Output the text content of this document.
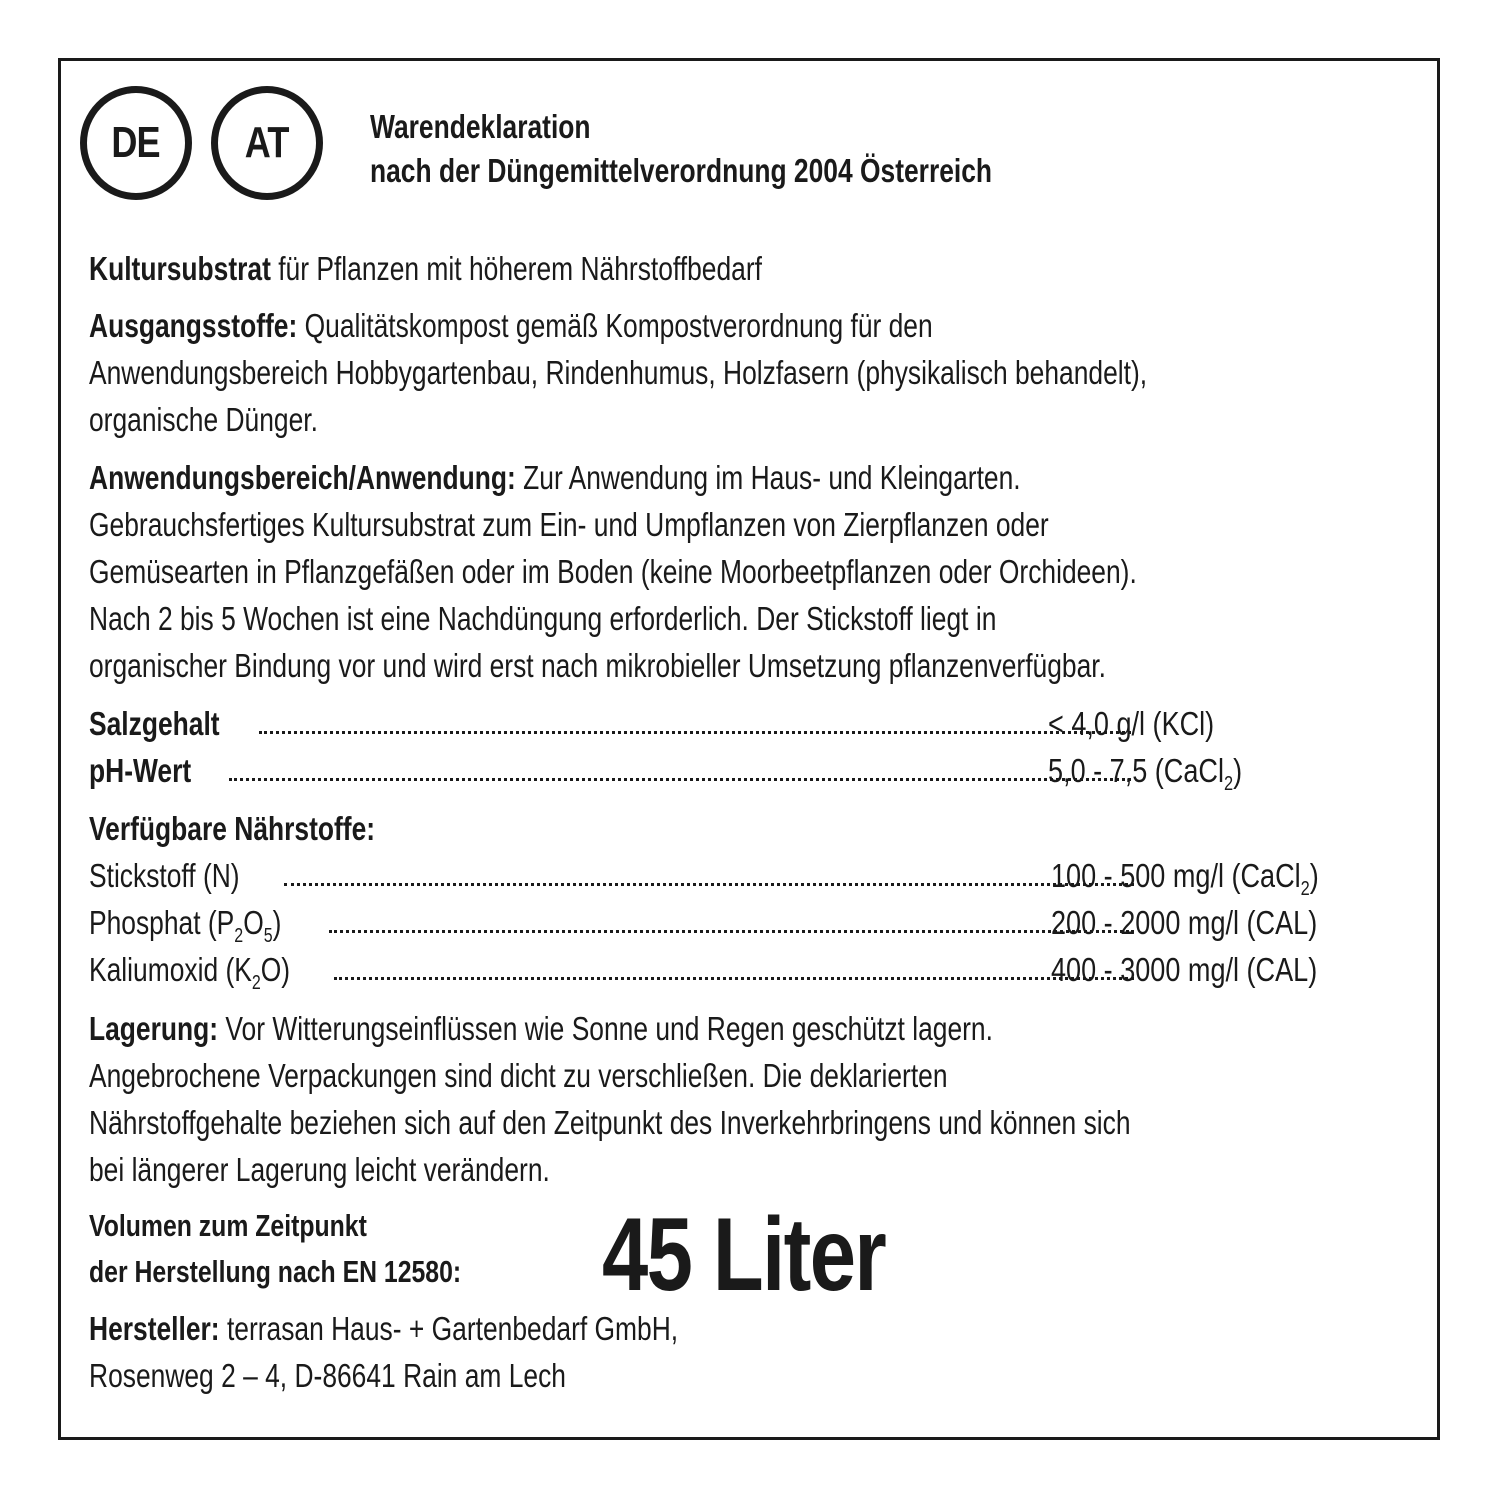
DE AT Warendeklaration
nach der Düngemittelverordnung 2004 Österreich
Kultursubstrat für Pflanzen mit höherem Nährstoffbedarf
Ausgangsstoffe: Qualitätskompost gemäß Kompostverordnung für den
Anwendungsbereich Hobbygartenbau, Rindenhumus, Holzfasern (physikalisch behandelt),
organische Dünger.
Anwendungsbereich/Anwendung: Zur Anwendung im Haus- und Kleingarten.
Gebrauchsfertiges Kultursubstrat zum Ein- und Umpflanzen von Zierpflanzen oder
Gemüsearten in Pflanzgefäßen oder im Boden (keine Moorbeetpflanzen oder Orchideen).
Nach 2 bis 5 Wochen ist eine Nachdüngung erforderlich. Der Stickstoff liegt in
organischer Bindung vor und wird erst nach mikrobieller Umsetzung pflanzenverfügbar.
Salzgehalt	< 4,0 g/l (KCl)
pH-Wert	5,0 - 7,5 (CaCl$_2$)
Verfügbare Nährstoffe:
Stickstoff (N)	100 - 500 mg/l (CaCl$_2$)
Phosphat $(P_2O_5)$	200 - 2000 mg/l (CAL)
Kaliumoxid $(K_2O)$	400 - 3000 mg/l (CAL)
Lagerung: Vor Witterungseinflüssen wie Sonne und Regen geschützt lagern.
Angebrochene Verpackungen sind dicht zu verschließen. Die deklarierten
Nährstoffgehalte beziehen sich auf den Zeitpunkt des Inverkehrbringens und können sich
bei längerer Lagerung leicht verändern.
Volumen zum Zeitpunkt
der Herstellung nach EN 12580: 45 Liter
Hersteller: terrasan Haus- + Gartenbedarf GmbH,
Rosenweg 2 – 4, D-86641 Rain am Lech
